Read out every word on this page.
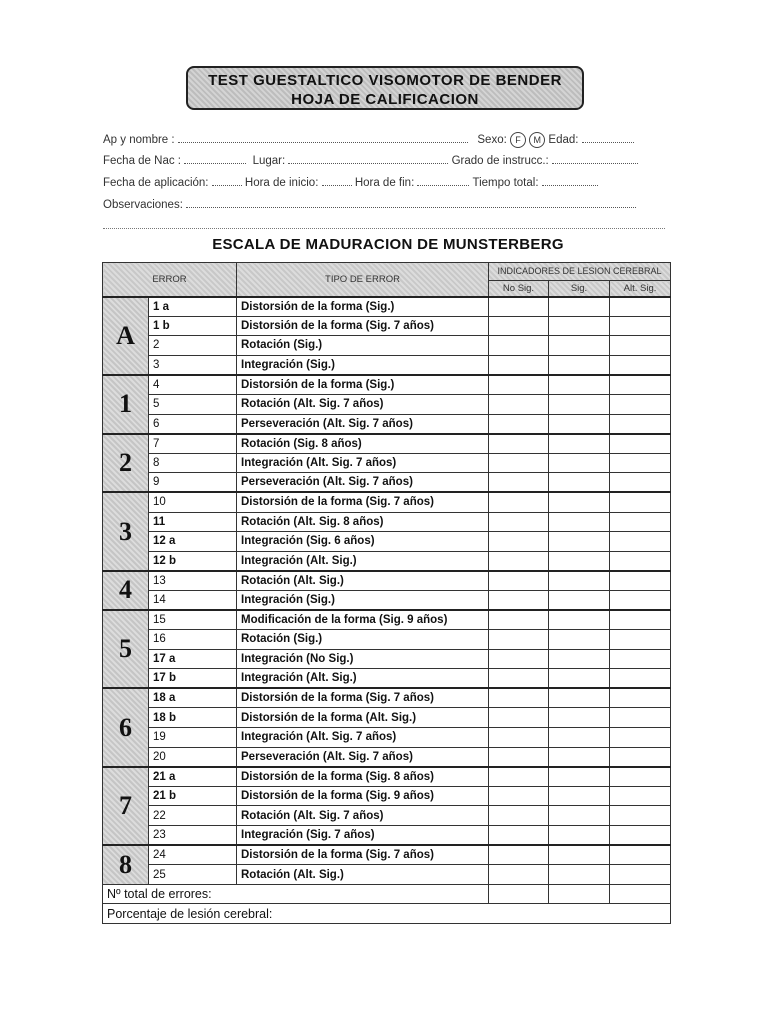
TEST GUESTALTICO VISOMOTOR DE BENDER
HOJA DE CALIFICACION
Ap y nombre :	Sexo: F M Edad:
Fecha de Nac :	Lugar:	Grado de instrucc.:
Fecha de aplicación:	Hora de inicio:	Hora de fin:	Tiempo total:
Observaciones:
ESCALA DE MADURACION DE MUNSTERBERG
ERROR		TIPO DE ERROR	INDICADORES DE LESION CEREBRAL		
			No Sig.	Sig.	Alt. Sig.
A	1 a	Distorsión de la forma (Sig.)			
	1 b	Distorsión de la forma (Sig. 7 años)			
	2	Rotación (Sig.)			
	3	Integración (Sig.)			
1	4	Distorsión de la forma (Sig.)			
	5	Rotación (Alt. Sig. 7 años)			
	6	Perseveración (Alt. Sig. 7 años)			
2	7	Rotación (Sig. 8 años)			
	8	Integración (Alt. Sig. 7 años)			
	9	Perseveración (Alt. Sig. 7 años)			
3	10	Distorsión de la forma (Sig. 7 años)			
	11	Rotación (Alt. Sig. 8 años)			
	12 a	Integración (Sig. 6 años)			
	12 b	Integración (Alt. Sig.)			
4	13	Rotación (Alt. Sig.)			
	14	Integración (Sig.)			
5	15	Modificación de la forma (Sig. 9 años)			
	16	Rotación (Sig.)			
	17 a	Integración (No Sig.)			
	17 b	Integración (Alt. Sig.)			
6	18 a	Distorsión de la forma (Sig. 7 años)			
	18 b	Distorsión de la forma (Alt. Sig.)			
	19	Integración (Alt. Sig. 7 años)			
	20	Perseveración (Alt. Sig. 7 años)			
7	21 a	Distorsión de la forma (Sig. 8 años)			
	21 b	Distorsión de la forma (Sig. 9 años)			
	22	Rotación (Alt. Sig. 7 años)			
	23	Integración (Sig. 7 años)			
8	24	Distorsión de la forma (Sig. 7 años)			
	25	Rotación (Alt. Sig.)			
Nº total de errores:					
Porcentaje de lesión cerebral:					
